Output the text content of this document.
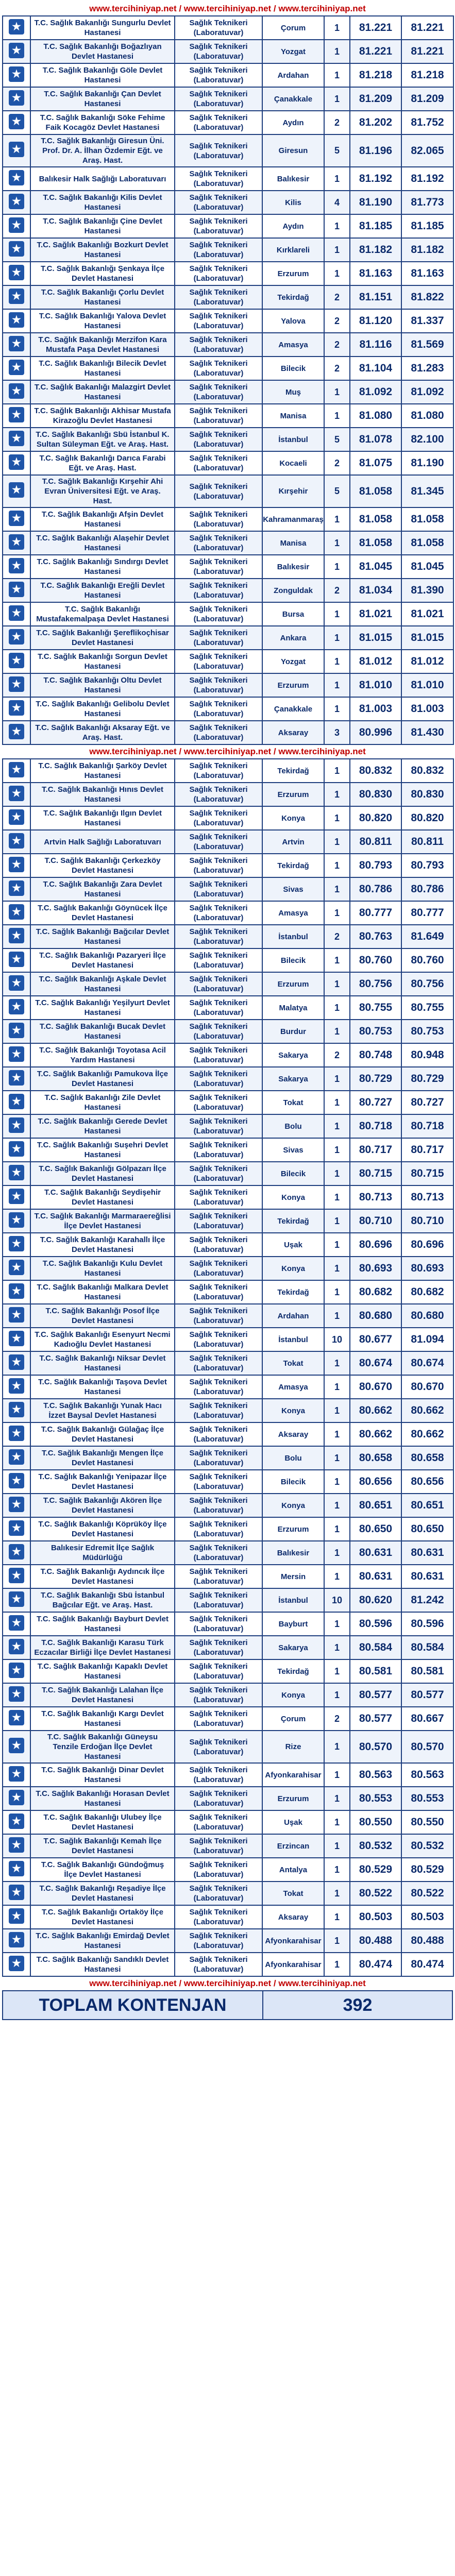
www.tercihiniyap.net / www.tercihiniyap.net / www.tercihiniyap.net
★	T.C. Sağlık Bakanlığı Sungurlu Devlet Hastanesi	Sağlık Teknikeri (Laboratuvar)	Çorum	1	81.221	81.221
★	T.C. Sağlık Bakanlığı Boğazlıyan Devlet Hastanesi	Sağlık Teknikeri (Laboratuvar)	Yozgat	1	81.221	81.221
★	T.C. Sağlık Bakanlığı Göle Devlet Hastanesi	Sağlık Teknikeri (Laboratuvar)	Ardahan	1	81.218	81.218
★	T.C. Sağlık Bakanlığı Çan Devlet Hastanesi	Sağlık Teknikeri (Laboratuvar)	Çanakkale	1	81.209	81.209
★	T.C. Sağlık Bakanlığı Söke Fehime Faik Kocagöz Devlet Hastanesi	Sağlık Teknikeri (Laboratuvar)	Aydın	2	81.202	81.752
★	T.C. Sağlık Bakanlığı Giresun Üni. Prof. Dr. A. İlhan Özdemir Eğt. ve Araş. Hast.	Sağlık Teknikeri (Laboratuvar)	Giresun	5	81.196	82.065
★	Balıkesir Halk Sağlığı Laboratuvarı	Sağlık Teknikeri (Laboratuvar)	Balıkesir	1	81.192	81.192
★	T.C. Sağlık Bakanlığı Kilis Devlet Hastanesi	Sağlık Teknikeri (Laboratuvar)	Kilis	4	81.190	81.773
★	T.C. Sağlık Bakanlığı Çine Devlet Hastanesi	Sağlık Teknikeri (Laboratuvar)	Aydın	1	81.185	81.185
★	T.C. Sağlık Bakanlığı Bozkurt Devlet Hastanesi	Sağlık Teknikeri (Laboratuvar)	Kırklareli	1	81.182	81.182
★	T.C. Sağlık Bakanlığı Şenkaya İlçe Devlet Hastanesi	Sağlık Teknikeri (Laboratuvar)	Erzurum	1	81.163	81.163
★	T.C. Sağlık Bakanlığı Çorlu Devlet Hastanesi	Sağlık Teknikeri (Laboratuvar)	Tekirdağ	2	81.151	81.822
★	T.C. Sağlık Bakanlığı Yalova Devlet Hastanesi	Sağlık Teknikeri (Laboratuvar)	Yalova	2	81.120	81.337
★	T.C. Sağlık Bakanlığı Merzifon Kara Mustafa Paşa Devlet Hastanesi	Sağlık Teknikeri (Laboratuvar)	Amasya	2	81.116	81.569
★	T.C. Sağlık Bakanlığı Bilecik Devlet Hastanesi	Sağlık Teknikeri (Laboratuvar)	Bilecik	2	81.104	81.283
★	T.C. Sağlık Bakanlığı Malazgirt Devlet Hastanesi	Sağlık Teknikeri (Laboratuvar)	Muş	1	81.092	81.092
★	T.C. Sağlık Bakanlığı Akhisar Mustafa Kirazoğlu Devlet Hastanesi	Sağlık Teknikeri (Laboratuvar)	Manisa	1	81.080	81.080
★	T.C. Sağlık Bakanlığı Sbü İstanbul K. Sultan Süleyman Eğt. ve Araş. Hast.	Sağlık Teknikeri (Laboratuvar)	İstanbul	5	81.078	82.100
★	T.C. Sağlık Bakanlığı Darıca Farabi Eğt. ve Araş. Hast.	Sağlık Teknikeri (Laboratuvar)	Kocaeli	2	81.075	81.190
★	T.C. Sağlık Bakanlığı Kırşehir Ahi Evran Üniversitesi Eğt. ve Araş. Hast.	Sağlık Teknikeri (Laboratuvar)	Kırşehir	5	81.058	81.345
★	T.C. Sağlık Bakanlığı Afşin Devlet Hastanesi	Sağlık Teknikeri (Laboratuvar)	Kahramanmaraş	1	81.058	81.058
★	T.C. Sağlık Bakanlığı Alaşehir Devlet Hastanesi	Sağlık Teknikeri (Laboratuvar)	Manisa	1	81.058	81.058
★	T.C. Sağlık Bakanlığı Sındırgı Devlet Hastanesi	Sağlık Teknikeri (Laboratuvar)	Balıkesir	1	81.045	81.045
★	T.C. Sağlık Bakanlığı Ereğli Devlet Hastanesi	Sağlık Teknikeri (Laboratuvar)	Zonguldak	2	81.034	81.390
★	T.C. Sağlık Bakanlığı Mustafakemalpaşa Devlet Hastanesi	Sağlık Teknikeri (Laboratuvar)	Bursa	1	81.021	81.021
★	T.C. Sağlık Bakanlığı Şereflikoçhisar Devlet Hastanesi	Sağlık Teknikeri (Laboratuvar)	Ankara	1	81.015	81.015
★	T.C. Sağlık Bakanlığı Sorgun Devlet Hastanesi	Sağlık Teknikeri (Laboratuvar)	Yozgat	1	81.012	81.012
★	T.C. Sağlık Bakanlığı Oltu Devlet Hastanesi	Sağlık Teknikeri (Laboratuvar)	Erzurum	1	81.010	81.010
★	T.C. Sağlık Bakanlığı Gelibolu Devlet Hastanesi	Sağlık Teknikeri (Laboratuvar)	Çanakkale	1	81.003	81.003
★	T.C. Sağlık Bakanlığı Aksaray Eğt. ve Araş. Hast.	Sağlık Teknikeri (Laboratuvar)	Aksaray	3	80.996	81.430
www.tercihiniyap.net / www.tercihiniyap.net / www.tercihiniyap.net
★	T.C. Sağlık Bakanlığı Şarköy Devlet Hastanesi	Sağlık Teknikeri (Laboratuvar)	Tekirdağ	1	80.832	80.832
★	T.C. Sağlık Bakanlığı Hınıs Devlet Hastanesi	Sağlık Teknikeri (Laboratuvar)	Erzurum	1	80.830	80.830
★	T.C. Sağlık Bakanlığı Ilgın Devlet Hastanesi	Sağlık Teknikeri (Laboratuvar)	Konya	1	80.820	80.820
★	Artvin Halk Sağlığı Laboratuvarı	Sağlık Teknikeri (Laboratuvar)	Artvin	1	80.811	80.811
★	T.C. Sağlık Bakanlığı Çerkezköy Devlet Hastanesi	Sağlık Teknikeri (Laboratuvar)	Tekirdağ	1	80.793	80.793
★	T.C. Sağlık Bakanlığı Zara Devlet Hastanesi	Sağlık Teknikeri (Laboratuvar)	Sivas	1	80.786	80.786
★	T.C. Sağlık Bakanlığı Göynücek İlçe Devlet Hastanesi	Sağlık Teknikeri (Laboratuvar)	Amasya	1	80.777	80.777
★	T.C. Sağlık Bakanlığı Bağcılar Devlet Hastanesi	Sağlık Teknikeri (Laboratuvar)	İstanbul	2	80.763	81.649
★	T.C. Sağlık Bakanlığı Pazaryeri İlçe Devlet Hastanesi	Sağlık Teknikeri (Laboratuvar)	Bilecik	1	80.760	80.760
★	T.C. Sağlık Bakanlığı Aşkale Devlet Hastanesi	Sağlık Teknikeri (Laboratuvar)	Erzurum	1	80.756	80.756
★	T.C. Sağlık Bakanlığı Yeşilyurt Devlet Hastanesi	Sağlık Teknikeri (Laboratuvar)	Malatya	1	80.755	80.755
★	T.C. Sağlık Bakanlığı Bucak Devlet Hastanesi	Sağlık Teknikeri (Laboratuvar)	Burdur	1	80.753	80.753
★	T.C. Sağlık Bakanlığı Toyotasa Acil Yardım Hastanesi	Sağlık Teknikeri (Laboratuvar)	Sakarya	2	80.748	80.948
★	T.C. Sağlık Bakanlığı Pamukova İlçe Devlet Hastanesi	Sağlık Teknikeri (Laboratuvar)	Sakarya	1	80.729	80.729
★	T.C. Sağlık Bakanlığı Zile Devlet Hastanesi	Sağlık Teknikeri (Laboratuvar)	Tokat	1	80.727	80.727
★	T.C. Sağlık Bakanlığı Gerede Devlet Hastanesi	Sağlık Teknikeri (Laboratuvar)	Bolu	1	80.718	80.718
★	T.C. Sağlık Bakanlığı Suşehri Devlet Hastanesi	Sağlık Teknikeri (Laboratuvar)	Sivas	1	80.717	80.717
★	T.C. Sağlık Bakanlığı Gölpazarı İlçe Devlet Hastanesi	Sağlık Teknikeri (Laboratuvar)	Bilecik	1	80.715	80.715
★	T.C. Sağlık Bakanlığı Seydişehir Devlet Hastanesi	Sağlık Teknikeri (Laboratuvar)	Konya	1	80.713	80.713
★	T.C. Sağlık Bakanlığı Marmaraereğlisi İlçe Devlet Hastanesi	Sağlık Teknikeri (Laboratuvar)	Tekirdağ	1	80.710	80.710
★	T.C. Sağlık Bakanlığı Karahallı İlçe Devlet Hastanesi	Sağlık Teknikeri (Laboratuvar)	Uşak	1	80.696	80.696
★	T.C. Sağlık Bakanlığı Kulu Devlet Hastanesi	Sağlık Teknikeri (Laboratuvar)	Konya	1	80.693	80.693
★	T.C. Sağlık Bakanlığı Malkara Devlet Hastanesi	Sağlık Teknikeri (Laboratuvar)	Tekirdağ	1	80.682	80.682
★	T.C. Sağlık Bakanlığı Posof İlçe Devlet Hastanesi	Sağlık Teknikeri (Laboratuvar)	Ardahan	1	80.680	80.680
★	T.C. Sağlık Bakanlığı Esenyurt Necmi Kadıoğlu Devlet Hastanesi	Sağlık Teknikeri (Laboratuvar)	İstanbul	10	80.677	81.094
★	T.C. Sağlık Bakanlığı Niksar Devlet Hastanesi	Sağlık Teknikeri (Laboratuvar)	Tokat	1	80.674	80.674
★	T.C. Sağlık Bakanlığı Taşova Devlet Hastanesi	Sağlık Teknikeri (Laboratuvar)	Amasya	1	80.670	80.670
★	T.C. Sağlık Bakanlığı Yunak Hacı İzzet Baysal Devlet Hastanesi	Sağlık Teknikeri (Laboratuvar)	Konya	1	80.662	80.662
★	T.C. Sağlık Bakanlığı Gülağaç İlçe Devlet Hastanesi	Sağlık Teknikeri (Laboratuvar)	Aksaray	1	80.662	80.662
★	T.C. Sağlık Bakanlığı Mengen İlçe Devlet Hastanesi	Sağlık Teknikeri (Laboratuvar)	Bolu	1	80.658	80.658
★	T.C. Sağlık Bakanlığı Yenipazar İlçe Devlet Hastanesi	Sağlık Teknikeri (Laboratuvar)	Bilecik	1	80.656	80.656
★	T.C. Sağlık Bakanlığı Akören İlçe Devlet Hastanesi	Sağlık Teknikeri (Laboratuvar)	Konya	1	80.651	80.651
★	T.C. Sağlık Bakanlığı Köprüköy İlçe Devlet Hastanesi	Sağlık Teknikeri (Laboratuvar)	Erzurum	1	80.650	80.650
★	Balıkesir Edremit İlçe Sağlık Müdürlüğü	Sağlık Teknikeri (Laboratuvar)	Balıkesir	1	80.631	80.631
★	T.C. Sağlık Bakanlığı Aydıncık İlçe Devlet Hastanesi	Sağlık Teknikeri (Laboratuvar)	Mersin	1	80.631	80.631
★	T.C. Sağlık Bakanlığı Sbü İstanbul Bağcılar Eğt. ve Araş. Hast.	Sağlık Teknikeri (Laboratuvar)	İstanbul	10	80.620	81.242
★	T.C. Sağlık Bakanlığı Bayburt Devlet Hastanesi	Sağlık Teknikeri (Laboratuvar)	Bayburt	1	80.596	80.596
★	T.C. Sağlık Bakanlığı Karasu Türk Eczacılar Birliği İlçe Devlet Hastanesi	Sağlık Teknikeri (Laboratuvar)	Sakarya	1	80.584	80.584
★	T.C. Sağlık Bakanlığı Kapaklı Devlet Hastanesi	Sağlık Teknikeri (Laboratuvar)	Tekirdağ	1	80.581	80.581
★	T.C. Sağlık Bakanlığı Lalahan İlçe Devlet Hastanesi	Sağlık Teknikeri (Laboratuvar)	Konya	1	80.577	80.577
★	T.C. Sağlık Bakanlığı Kargı Devlet Hastanesi	Sağlık Teknikeri (Laboratuvar)	Çorum	2	80.577	80.667
★	T.C. Sağlık Bakanlığı Güneysu Tenzile Erdoğan İlçe Devlet Hastanesi	Sağlık Teknikeri (Laboratuvar)	Rize	1	80.570	80.570
★	T.C. Sağlık Bakanlığı Dinar Devlet Hastanesi	Sağlık Teknikeri (Laboratuvar)	Afyonkarahisar	1	80.563	80.563
★	T.C. Sağlık Bakanlığı Horasan Devlet Hastanesi	Sağlık Teknikeri (Laboratuvar)	Erzurum	1	80.553	80.553
★	T.C. Sağlık Bakanlığı Ulubey İlçe Devlet Hastanesi	Sağlık Teknikeri (Laboratuvar)	Uşak	1	80.550	80.550
★	T.C. Sağlık Bakanlığı Kemah İlçe Devlet Hastanesi	Sağlık Teknikeri (Laboratuvar)	Erzincan	1	80.532	80.532
★	T.C. Sağlık Bakanlığı Gündoğmuş İlçe Devlet Hastanesi	Sağlık Teknikeri (Laboratuvar)	Antalya	1	80.529	80.529
★	T.C. Sağlık Bakanlığı Reşadiye İlçe Devlet Hastanesi	Sağlık Teknikeri (Laboratuvar)	Tokat	1	80.522	80.522
★	T.C. Sağlık Bakanlığı Ortaköy İlçe Devlet Hastanesi	Sağlık Teknikeri (Laboratuvar)	Aksaray	1	80.503	80.503
★	T.C. Sağlık Bakanlığı Emirdağ Devlet Hastanesi	Sağlık Teknikeri (Laboratuvar)	Afyonkarahisar	1	80.488	80.488
★	T.C. Sağlık Bakanlığı Sandıklı Devlet Hastanesi	Sağlık Teknikeri (Laboratuvar)	Afyonkarahisar	1	80.474	80.474
www.tercihiniyap.net / www.tercihiniyap.net / www.tercihiniyap.net
TOPLAM KONTENJAN	392
